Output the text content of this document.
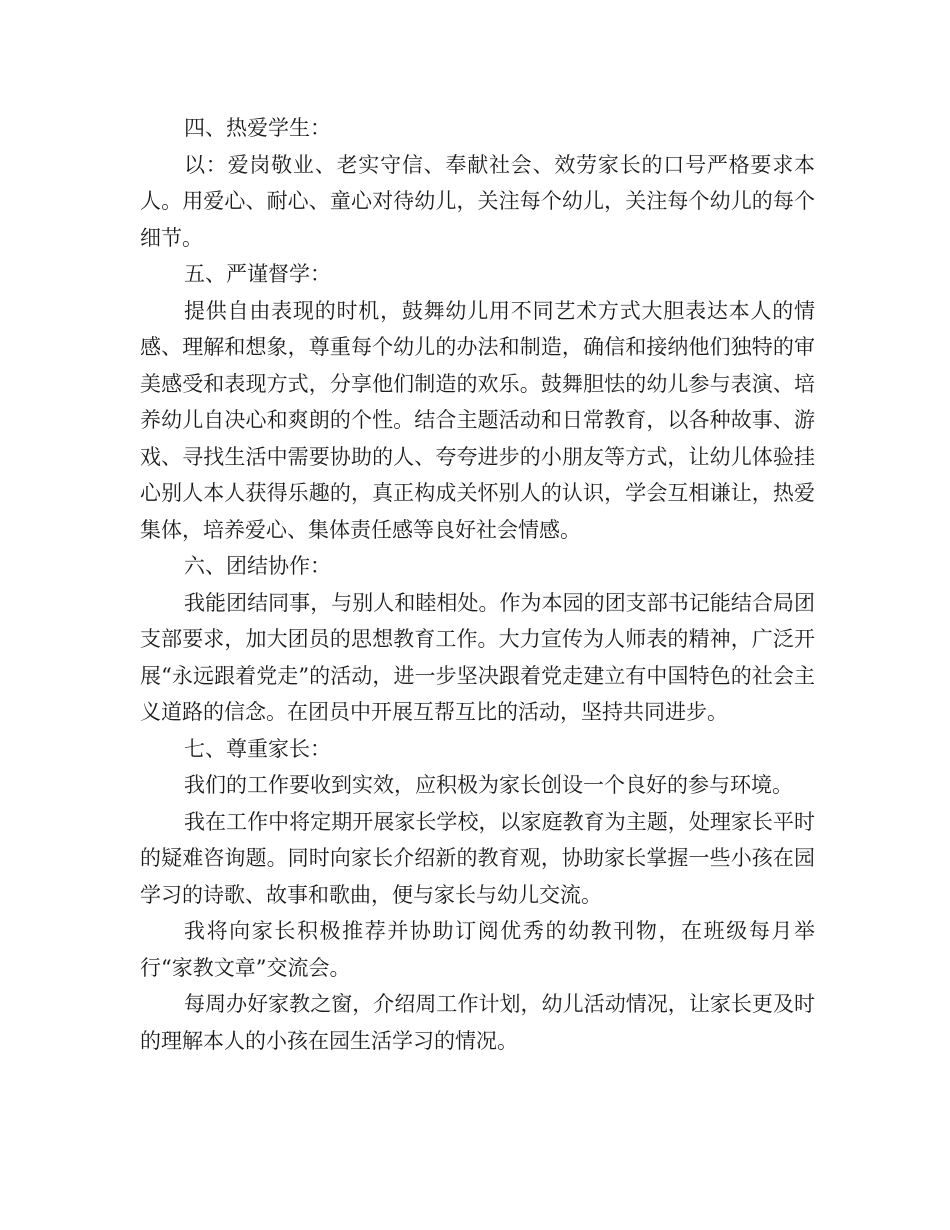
四、热爱学生：

以：爱岗敬业、老实守信、奉献社会、效劳家长的口号严格要求本人。用爱心、耐心、童心对待幼儿，关注每个幼儿，关注每个幼儿的每个细节。

五、严谨督学：

提供自由表现的时机，鼓舞幼儿用不同艺术方式大胆表达本人的情感、理解和想象，尊重每个幼儿的办法和制造，确信和接纳他们独特的审美感受和表现方式，分享他们制造的欢乐。鼓舞胆怯的幼儿参与表演、培养幼儿自决心和爽朗的个性。结合主题活动和日常教育，以各种故事、游戏、寻找生活中需要协助的人、夸夸进步的小朋友等方式，让幼儿体验挂心别人本人获得乐趣的，真正构成关怀别人的认识，学会互相谦让，热爱集体，培养爱心、集体责任感等良好社会情感。

六、团结协作：

我能团结同事，与别人和睦相处。作为本园的团支部书记能结合局团支部要求，加大团员的思想教育工作。大力宣传为人师表的精神，广泛开展“永远跟着党走”的活动，进一步坚决跟着党走建立有中国特色的社会主义道路的信念。在团员中开展互帮互比的活动，坚持共同进步。

七、尊重家长：

我们的工作要收到实效，应积极为家长创设一个良好的参与环境。

我在工作中将定期开展家长学校，以家庭教育为主题，处理家长平时的疑难咨询题。同时向家长介绍新的教育观，协助家长掌握一些小孩在园学习的诗歌、故事和歌曲，便与家长与幼儿交流。

我将向家长积极推荐并协助订阅优秀的幼教刊物，在班级每月举行“家教文章”交流会。

每周办好家教之窗，介绍周工作计划，幼儿活动情况，让家长更及时的理解本人的小孩在园生活学习的情况。
